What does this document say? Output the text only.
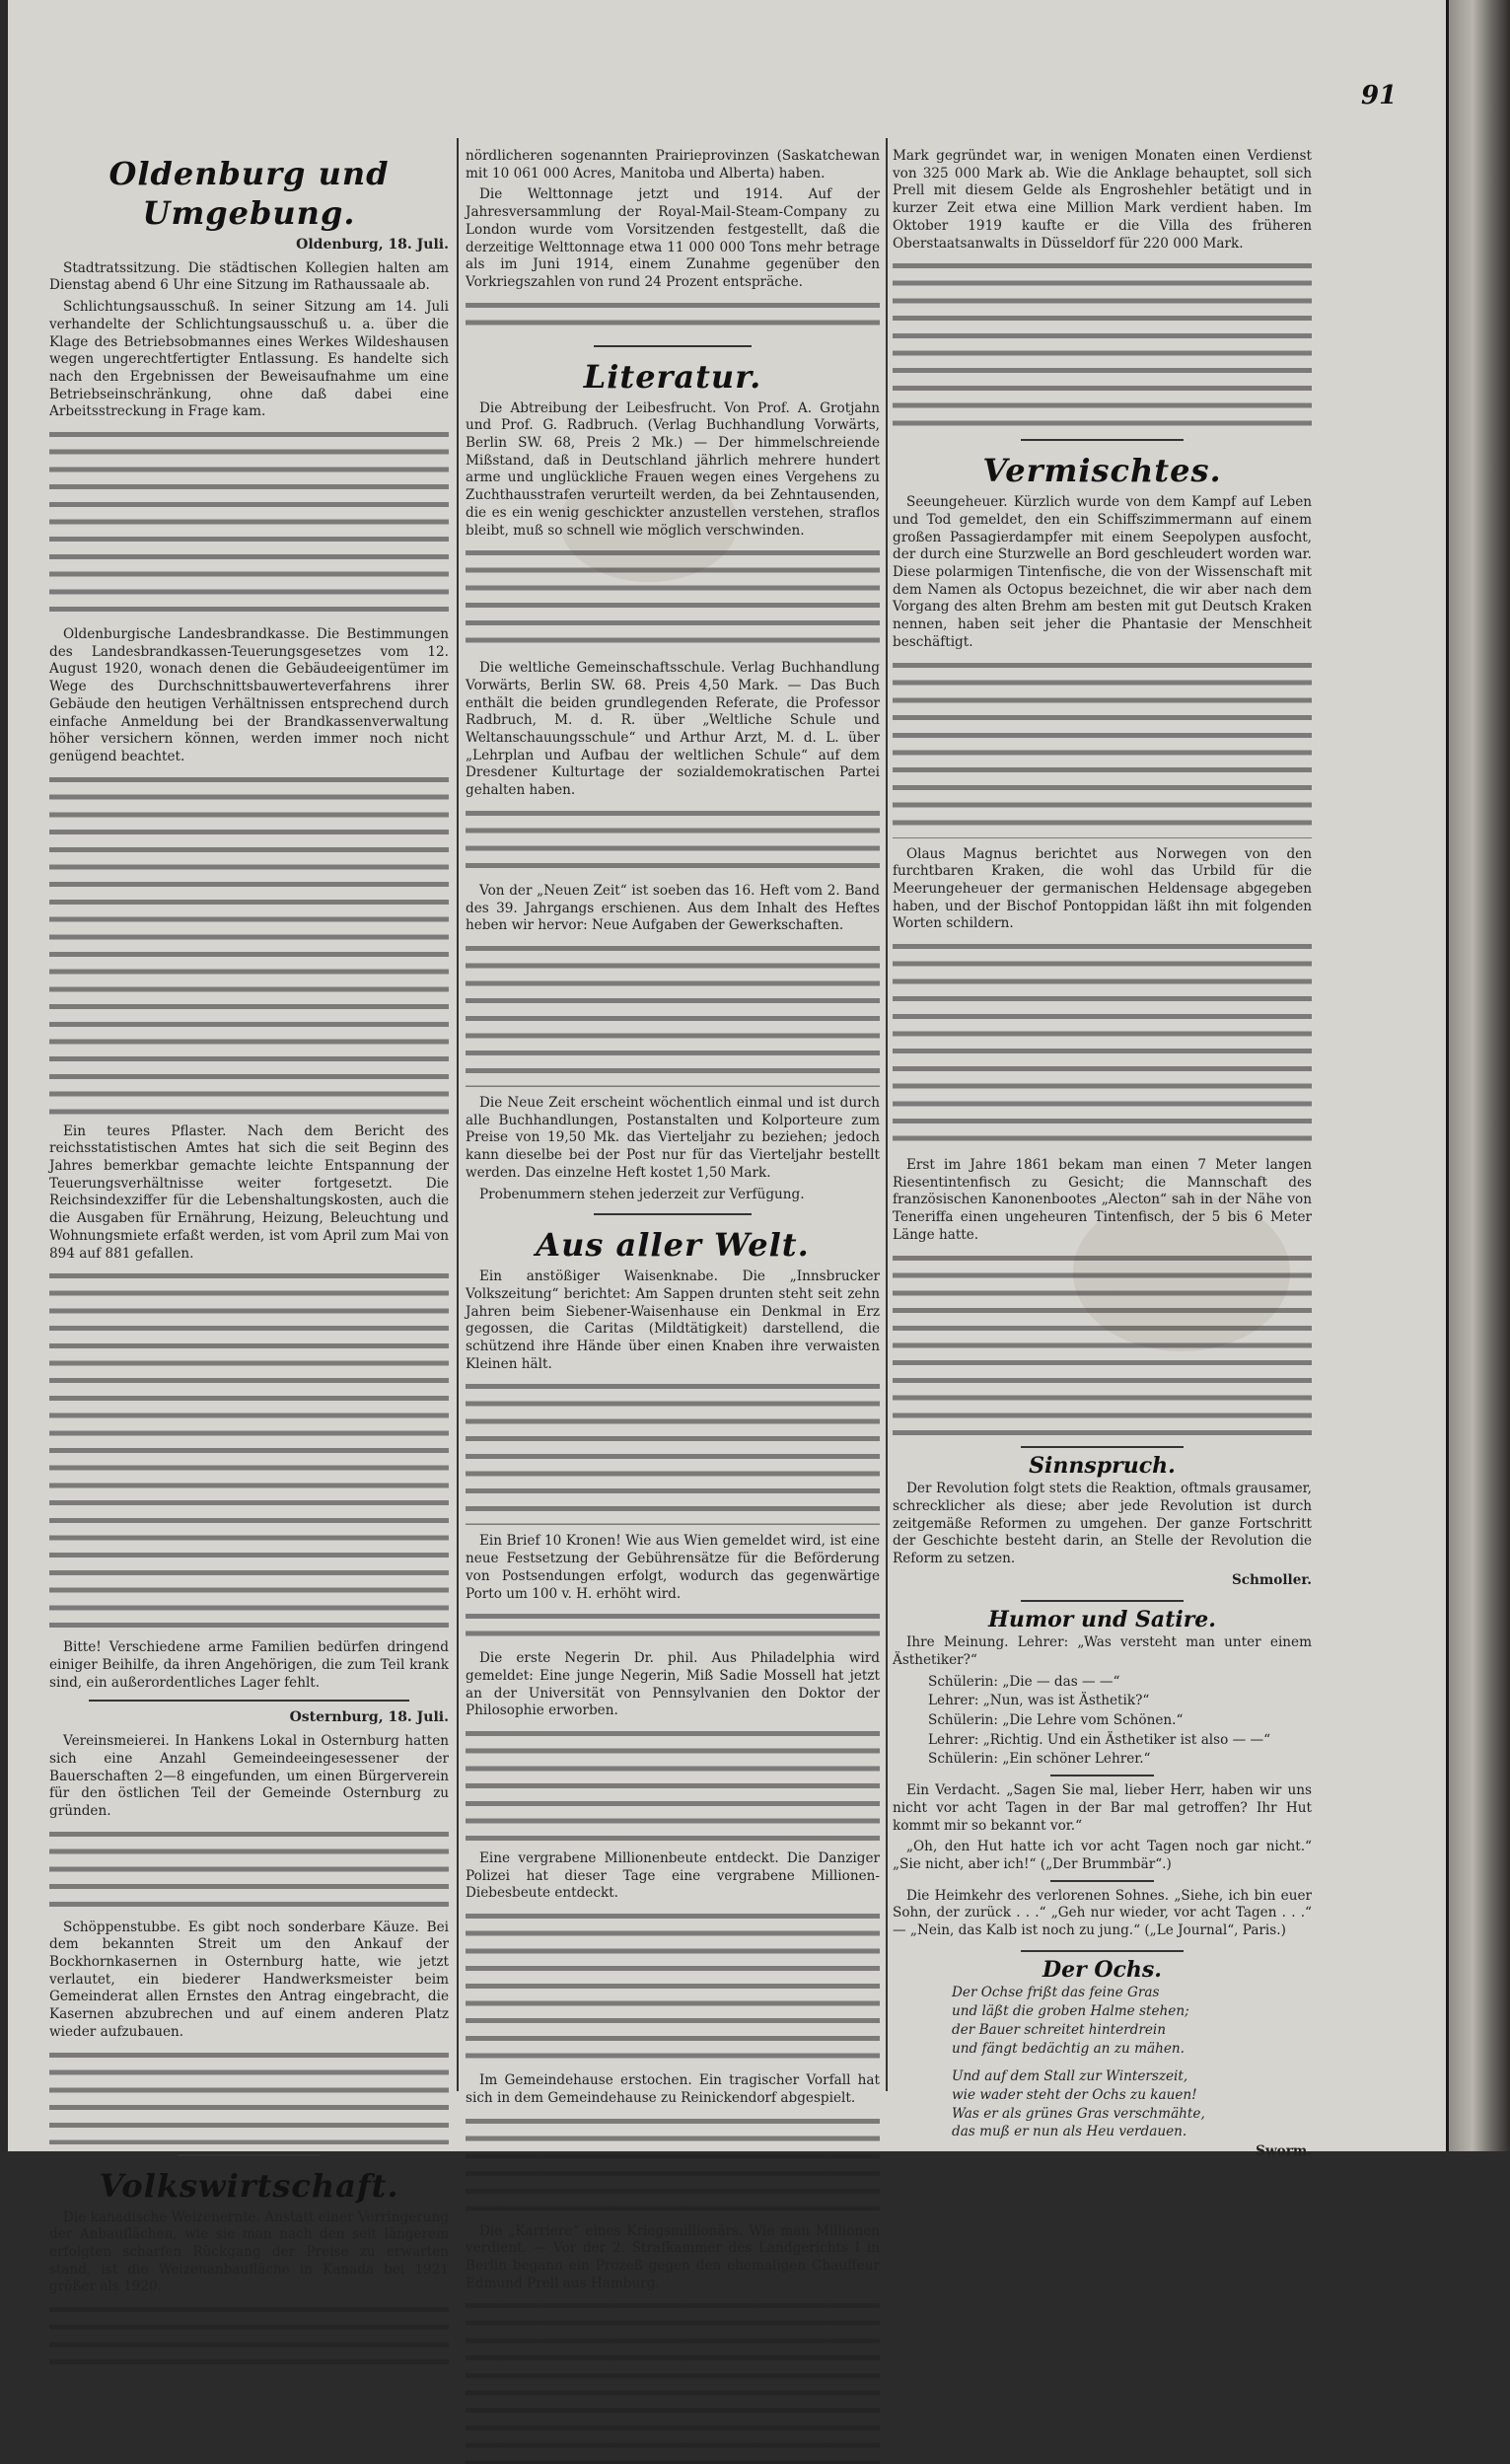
91
Oldenburg und Umgebung.
Oldenburg, 18. Juli.

Stadtratssitzung. Die städtischen Kollegien halten am Dienstag abend 6 Uhr eine Sitzung im Rathaussaale ab.

Schlichtungsausschuß. In seiner Sitzung am 14. Juli verhandelte der Schlichtungsausschuß u. a. über die Klage des Betriebsobmannes eines Werkes Wildeshausen wegen ungerechtfertigter Entlassung. Es handelte sich nach den Ergebnissen der Beweisaufnahme um eine Betriebseinschränkung, ohne daß dabei eine Arbeitsstreckung in Frage kam.

Oldenburgische Landesbrandkasse. Die Bestimmungen des Landesbrandkassen-Teuerungsgesetzes vom 12. August 1920, wonach denen die Gebäudeeigentümer im Wege des Durchschnittsbauwerteverfahrens ihrer Gebäude den heutigen Verhältnissen entsprechend durch einfache Anmeldung bei der Brandkassenverwaltung höher versichern können, werden immer noch nicht genügend beachtet.

Ein teures Pflaster. Nach dem Bericht des reichsstatistischen Amtes hat sich die seit Beginn des Jahres bemerkbar gemachte leichte Entspannung der Teuerungsverhältnisse weiter fortgesetzt. Die Reichsindexziffer für die Lebenshaltungskosten, auch die die Ausgaben für Ernährung, Heizung, Beleuchtung und Wohnungsmiete erfaßt werden, ist vom April zum Mai von 894 auf 881 gefallen.

Bitte! Verschiedene arme Familien bedürfen dringend einiger Beihilfe, da ihren Angehörigen, die zum Teil krank sind, ein außerordentliches Lager fehlt.

Osternburg, 18. Juli.

Vereinsmeierei. In Hankens Lokal in Osternburg hatten sich eine Anzahl Gemeindeeingesessener der Bauerschaften 2—8 eingefunden, um einen Bürgerverein für den östlichen Teil der Gemeinde Osternburg zu gründen.

Schöppenstubbe. Es gibt noch sonderbare Käuze. Bei dem bekannten Streit um den Ankauf der Bockhornkasernen in Osternburg hatte, wie jetzt verlautet, ein biederer Handwerksmeister beim Gemeinderat allen Ernstes den Antrag eingebracht, die Kasernen abzubrechen und auf einem anderen Platz wieder aufzubauen.

Volkswirtschaft.

Die kanadische Weizenernte. Anstatt einer Verringerung der Anbauflächen, wie sie man nach den seit längerem erfolgten scharfen Rückgang der Preise zu erwarten stand, ist die Weizenanbaufläche in Kanada bei 1921 größer als 1920.

nördlicheren sogenannten Prairieprovinzen (Saskatchewan mit 10 061 000 Acres, Manitoba und Alberta) haben.

Die Welttonnage jetzt und 1914. Auf der Jahresversammlung der Royal-Mail-Steam-Company zu London wurde vom Vorsitzenden festgestellt, daß die derzeitige Welttonnage etwa 11 000 000 Tons mehr betrage als im Juni 1914, einem Zunahme gegenüber den Vorkriegszahlen von rund 24 Prozent entspräche.

Literatur.

Die Abtreibung der Leibesfrucht. Von Prof. A. Grotjahn und Prof. G. Radbruch. (Verlag Buchhandlung Vorwärts, Berlin SW. 68, Preis 2 Mk.) — Der himmelschreiende Mißstand, daß in Deutschland jährlich mehrere hundert arme und unglückliche Frauen wegen eines Vergehens zu Zuchthausstrafen verurteilt werden, da bei Zehntausenden, die es ein wenig geschickter anzustellen verstehen, straflos bleibt, muß so schnell wie möglich verschwinden.

Die weltliche Gemeinschaftsschule. Verlag Buchhandlung Vorwärts, Berlin SW. 68. Preis 4,50 Mark. — Das Buch enthält die beiden grundlegenden Referate, die Professor Radbruch, M. d. R. über „Weltliche Schule und Weltanschauungsschule“ und Arthur Arzt, M. d. L. über „Lehrplan und Aufbau der weltlichen Schule“ auf dem Dresdener Kulturtage der sozialdemokratischen Partei gehalten haben.

Von der „Neuen Zeit“ ist soeben das 16. Heft vom 2. Band des 39. Jahrgangs erschienen. Aus dem Inhalt des Heftes heben wir hervor: Neue Aufgaben der Gewerkschaften.

Die Neue Zeit erscheint wöchentlich einmal und ist durch alle Buchhandlungen, Postanstalten und Kolporteure zum Preise von 19,50 Mk. das Vierteljahr zu beziehen; jedoch kann dieselbe bei der Post nur für das Vierteljahr bestellt werden. Das einzelne Heft kostet 1,50 Mark.

Probenummern stehen jederzeit zur Verfügung.

Aus aller Welt.

Ein anstößiger Waisenknabe. Die „Innsbrucker Volkszeitung“ berichtet: Am Sappen drunten steht seit zehn Jahren beim Siebener-Waisenhause ein Denkmal in Erz gegossen, die Caritas (Mildtätigkeit) darstellend, die schützend ihre Hände über einen Knaben ihre verwaisten Kleinen hält.

Ein Brief 10 Kronen! Wie aus Wien gemeldet wird, ist eine neue Festsetzung der Gebührensätze für die Beförderung von Postsendungen erfolgt, wodurch das gegenwärtige Porto um 100 v. H. erhöht wird.

Die erste Negerin Dr. phil. Aus Philadelphia wird gemeldet: Eine junge Negerin, Miß Sadie Mossell hat jetzt an der Universität von Pennsylvanien den Doktor der Philosophie erworben.

Eine vergrabene Millionenbeute entdeckt. Die Danziger Polizei hat dieser Tage eine vergrabene Millionen-Diebesbeute entdeckt.

Im Gemeindehause erstochen. Ein tragischer Vorfall hat sich in dem Gemeindehause zu Reinickendorf abgespielt.

Die „Karriere“ eines Kriegsmillionärs. Wie man Millionen verdient. — Vor der 2. Strafkammer des Landgerichts I in Berlin begann ein Prozeß gegen den ehemaligen Chauffeur Edmund Prell aus Hamburg.

Mark gegründet war, in wenigen Monaten einen Verdienst von 325 000 Mark ab. Wie die Anklage behauptet, soll sich Prell mit diesem Gelde als Engroshehler betätigt und in kurzer Zeit etwa eine Million Mark verdient haben. Im Oktober 1919 kaufte er die Villa des früheren Oberstaatsanwalts in Düsseldorf für 220 000 Mark.

Vermischtes.

Seeungeheuer. Kürzlich wurde von dem Kampf auf Leben und Tod gemeldet, den ein Schiffszimmermann auf einem großen Passagierdampfer mit einem Seepolypen ausfocht, der durch eine Sturzwelle an Bord geschleudert worden war. Diese polarmigen Tintenfische, die von der Wissenschaft mit dem Namen als Octopus bezeichnet, die wir aber nach dem Vorgang des alten Brehm am besten mit gut Deutsch Kraken nennen, haben seit jeher die Phantasie der Menschheit beschäftigt.

Olaus Magnus berichtet aus Norwegen von den furchtbaren Kraken, die wohl das Urbild für die Meerungeheuer der germanischen Heldensage abgegeben haben, und der Bischof Pontoppidan läßt ihn mit folgenden Worten schildern.

Erst im Jahre 1861 bekam man einen 7 Meter langen Riesentintenfisch zu Gesicht; die Mannschaft des französischen Kanonenbootes „Alecton“ sah in der Nähe von Teneriffa einen ungeheuren Tintenfisch, der 5 bis 6 Meter Länge hatte.

Sinnspruch.

Der Revolution folgt stets die Reaktion, oftmals grausamer, schrecklicher als diese; aber jede Revolution ist durch zeitgemäße Reformen zu umgehen. Der ganze Fortschritt der Geschichte besteht darin, an Stelle der Revolution die Reform zu setzen.

Schmoller.
Humor und Satire.

Ihre Meinung. Lehrer: „Was versteht man unter einem Ästhetiker?“

Schülerin: „Die — das — —“

Lehrer: „Nun, was ist Ästhetik?“

Schülerin: „Die Lehre vom Schönen.“

Lehrer: „Richtig. Und ein Ästhetiker ist also — —“

Schülerin: „Ein schöner Lehrer.“

Ein Verdacht. „Sagen Sie mal, lieber Herr, haben wir uns nicht vor acht Tagen in der Bar mal getroffen? Ihr Hut kommt mir so bekannt vor.“

„Oh, den Hut hatte ich vor acht Tagen noch gar nicht.“ „Sie nicht, aber ich!“ („Der Brummbär“.)

Die Heimkehr des verlorenen Sohnes. „Siehe, ich bin euer Sohn, der zurück . . .“ „Geh nur wieder, vor acht Tagen . . .“ — „Nein, das Kalb ist noch zu jung.“ („Le Journal“, Paris.)

Der Ochs.

Der Ochse frißt das feine Gras

und läßt die groben Halme stehen;

der Bauer schreitet hinterdrein

und fängt bedächtig an zu mähen.

Und auf dem Stall zur Winterszeit,

wie wader steht der Ochs zu kauen!

Was er als grünes Gras verschmähte,

das muß er nun als Heu verdauen.

Sworm.
